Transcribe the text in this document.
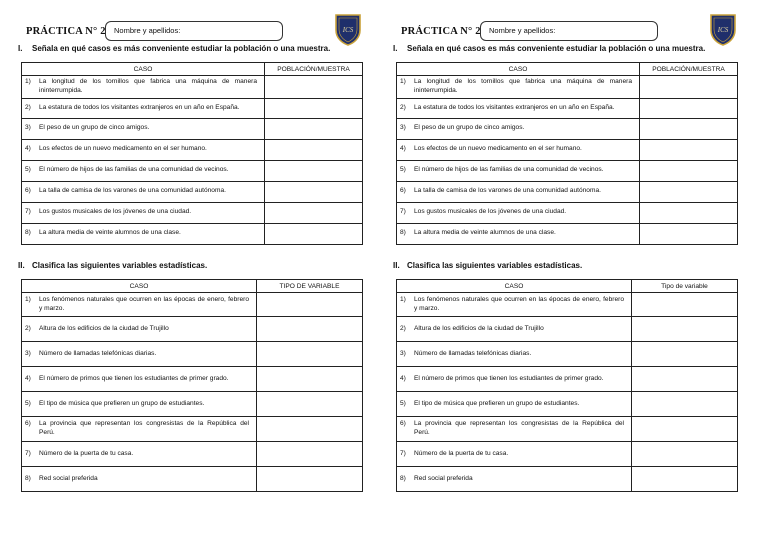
PRÁCTICA N° 2 Nombre y apellidos:	ICS
I. Señala en qué casos es más conveniente estudiar la población o una muestra.
CASO	POBLACIÓN/MUESTRA
1) La longitud de los tornillos que fabrica una máquina de manera ininterrumpida.	
2) La estatura de todos los visitantes extranjeros en un año en España.	
3) El peso de un grupo de cinco amigos.	
4) Los efectos de un nuevo medicamento en el ser humano.	
5) El número de hijos de las familias de una comunidad de vecinos.	
6) La talla de camisa de los varones de una comunidad autónoma.	
7) Los gustos musicales de los jóvenes de una ciudad.	
8) La altura media de veinte alumnos de una clase.	
II. Clasifica las siguientes variables estadísticas.
CASO	TIPO DE VARIABLE
1) Los fenómenos naturales que ocurren en las épocas de enero, febrero y marzo.	
2) Altura de los edificios de la ciudad de Trujillo	
3) Número de llamadas telefónicas diarias.	
4) El número de primos que tienen los estudiantes de primer grado.	
5) El tipo de música que prefieren un grupo de estudiantes.	
6) La provincia que representan los congresistas de la República del Perú.	
7) Número de la puerta de tu casa.	
8) Red social preferida	
PRÁCTICA N° 2 Nombre y apellidos:	ICS
I. Señala en qué casos es más conveniente estudiar la población o una muestra.
CASO	POBLACIÓN/MUESTRA
1) La longitud de los tornillos que fabrica una máquina de manera ininterrumpida.	
2) La estatura de todos los visitantes extranjeros en un año en España.	
3) El peso de un grupo de cinco amigos.	
4) Los efectos de un nuevo medicamento en el ser humano.	
5) El número de hijos de las familias de una comunidad de vecinos.	
6) La talla de camisa de los varones de una comunidad autónoma.	
7) Los gustos musicales de los jóvenes de una ciudad.	
8) La altura media de veinte alumnos de una clase.	
II. Clasifica las siguientes variables estadísticas.
CASO	Tipo de variable
1) Los fenómenos naturales que ocurren en las épocas de enero, febrero y marzo.	
2) Altura de los edificios de la ciudad de Trujillo	
3) Número de llamadas telefónicas diarias.	
4) El número de primos que tienen los estudiantes de primer grado.	
5) El tipo de música que prefieren un grupo de estudiantes.	
6) La provincia que representan los congresistas de la República del Perú.	
7) Número de la puerta de tu casa.	
8) Red social preferida	
